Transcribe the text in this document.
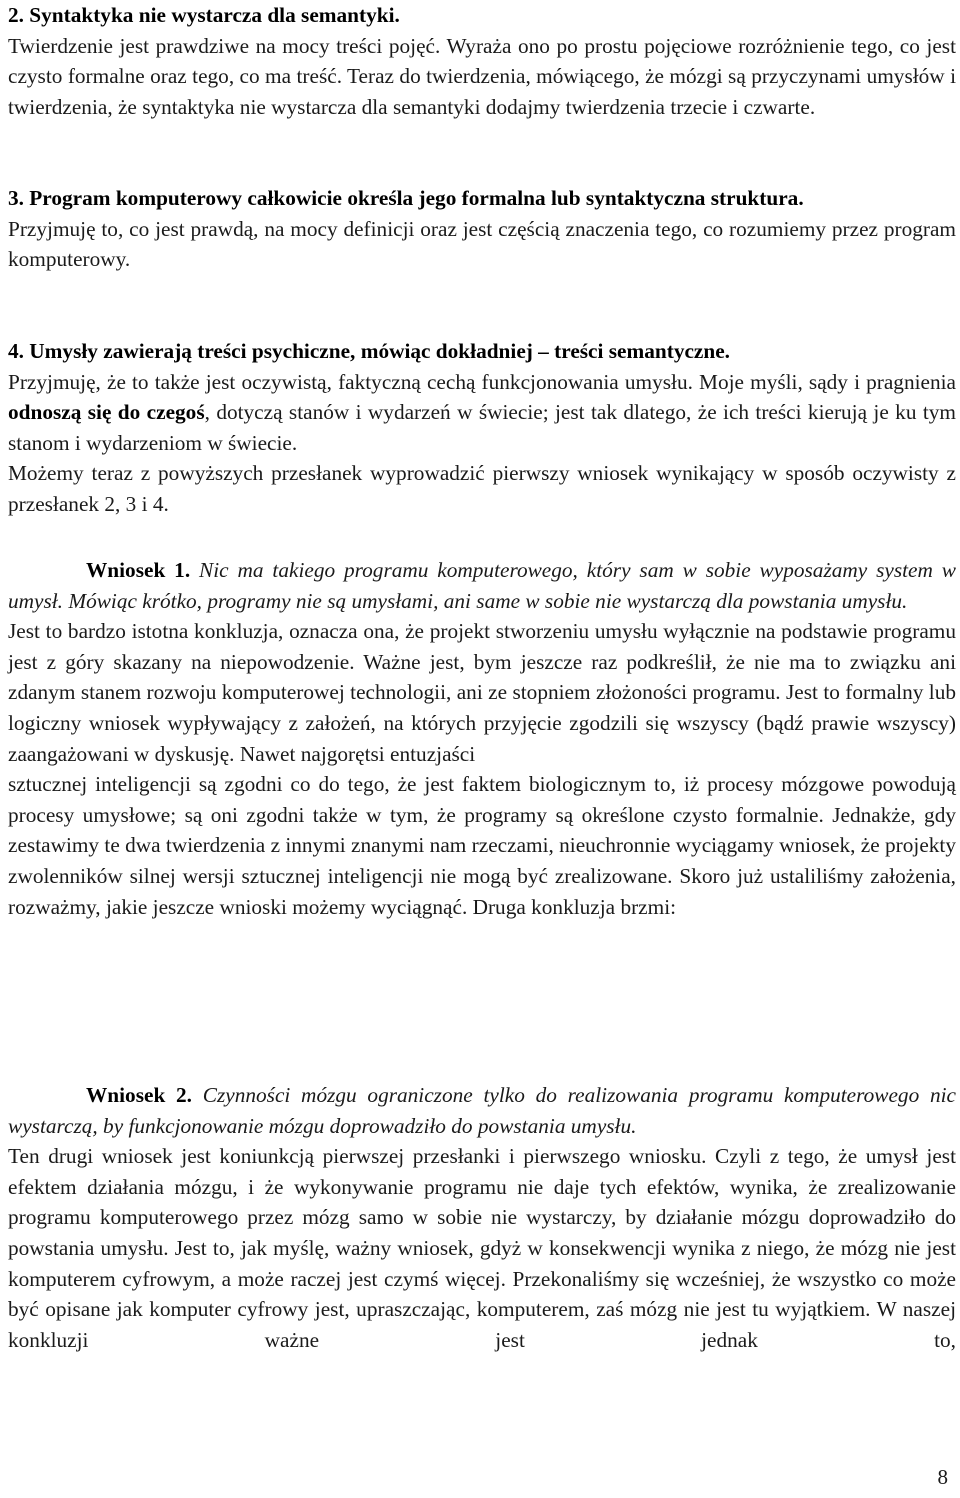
2. Syntaktyka nie wystarcza dla semantyki.

Twierdzenie jest prawdziwe na mocy treści pojęć. Wyraża ono po prostu pojęciowe rozróżnienie tego, co jest czysto formalne oraz tego, co ma treść. Teraz do twierdzenia, mówiącego, że mózgi są przyczynami umysłów i twierdzenia, że syntaktyka nie wystarcza dla semantyki dodajmy twierdzenia trzecie i czwarte.

3. Program komputerowy całkowicie określa jego formalna lub syntaktyczna struktura.

Przyjmuję to, co jest prawdą, na mocy definicji oraz jest częścią znaczenia tego, co rozumiemy przez program komputerowy.

4. Umysły zawierają treści psychiczne, mówiąc dokładniej – treści semantyczne.

Przyjmuję, że to także jest oczywistą, faktyczną cechą funkcjonowania umysłu. Moje myśli, sądy i pragnienia odnoszą się do czegoś, dotyczą stanów i wydarzeń w świecie; jest tak dlatego, że ich treści kierują je ku tym stanom i wydarzeniom w świecie.

Możemy teraz z powyższych przesłanek wyprowadzić pierwszy wniosek wynikający w sposób oczywisty z przesłanek 2, 3 i 4.

Wniosek 1. Nic ma takiego programu komputerowego, który sam w sobie wyposażamy system w umysł. Mówiąc krótko, programy nie są umysłami, ani same w sobie nie wystarczą dla powstania umysłu.

Jest to bardzo istotna konkluzja, oznacza ona, że projekt stworzeniu umysłu wyłącznie na podstawie programu jest z góry skazany na niepowodzenie. Ważne jest, bym jeszcze raz podkreślił, że nie ma to związku ani zdanym stanem rozwoju komputerowej technologii, ani ze stopniem złożoności programu. Jest to formalny lub logiczny wniosek wypływający z założeń, na których przyjęcie zgodzili się wszyscy (bądź prawie wszyscy) zaangażowani w dyskusję. Nawet najgorętsi entuzjaści

sztucznej inteligencji są zgodni co do tego, że jest faktem biologicznym to, iż procesy mózgowe powodują procesy umysłowe; są oni zgodni także w tym, że programy są określone czysto formalnie. Jednakże, gdy zestawimy te dwa twierdzenia z innymi znanymi nam rzeczami, nieuchronnie wyciągamy wniosek, że projekty zwolenników silnej wersji sztucznej inteligencji nie mogą być zrealizowane. Skoro już ustaliliśmy założenia, rozważmy, jakie jeszcze wnioski możemy wyciągnąć. Druga konkluzja brzmi:

Wniosek 2. Czynności mózgu ograniczone tylko do realizowania programu komputerowego nic wystarczą, by funkcjonowanie mózgu doprowadziło do powstania umysłu.

Ten drugi wniosek jest koniunkcją pierwszej przesłanki i pierwszego wniosku. Czyli z tego, że umysł jest efektem działania mózgu, i że wykonywanie programu nie daje tych efektów, wynika, że zrealizowanie programu komputerowego przez mózg samo w sobie nie wystarczy, by działanie mózgu doprowadziło do powstania umysłu. Jest to, jak myślę, ważny wniosek, gdyż w konsekwencji wynika z niego, że mózg nie jest komputerem cyfrowym, a może raczej jest czymś więcej. Przekonaliśmy się wcześniej, że wszystko co może być opisane jak komputer cyfrowy jest, upraszczając, komputerem, zaś mózg nie jest tu wyjątkiem. W naszej konkluzji ważne jest jednak to,

8
